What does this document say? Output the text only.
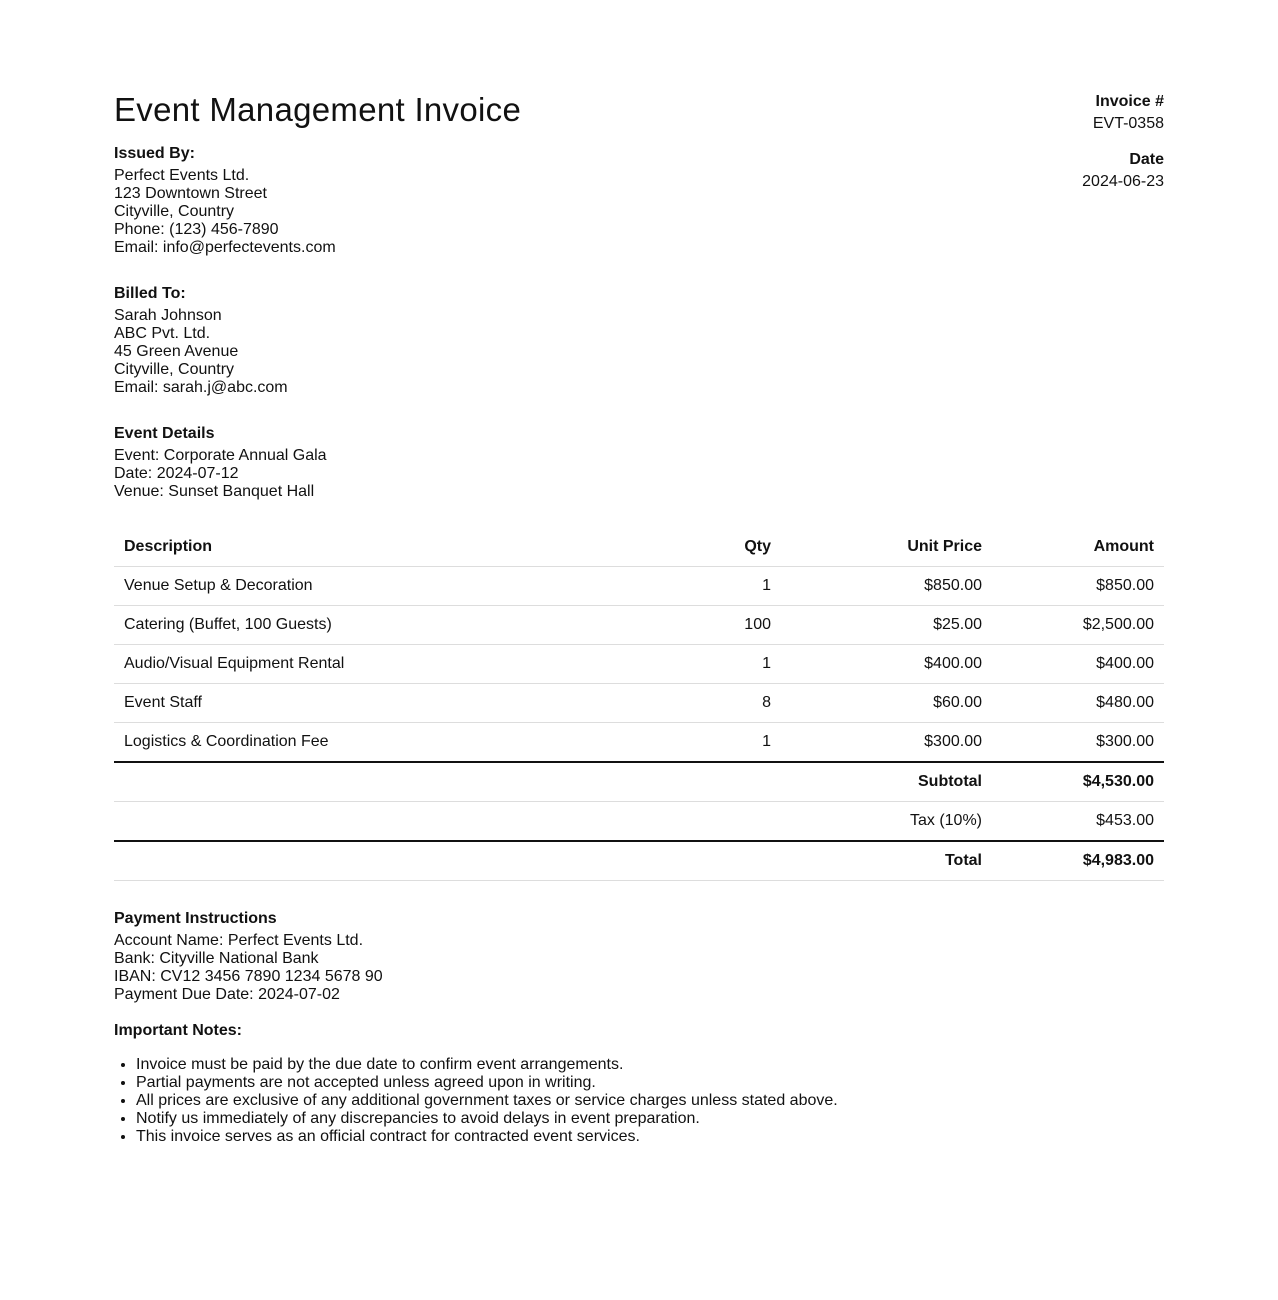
Event Management Invoice	Invoice #
EVT-0358
Date
2024-06-23
Issued By:
Perfect Events Ltd.
123 Downtown Street
Cityville, Country
Phone: (123) 456-7890
Email: info@perfectevents.com
Billed To:
Sarah Johnson
ABC Pvt. Ltd.
45 Green Avenue
Cityville, Country
Email: sarah.j@abc.com
Event Details
Event: Corporate Annual Gala
Date: 2024-07-12
Venue: Sunset Banquet Hall
Description	Qty	Unit Price	Amount
Venue Setup & Decoration	1	$850.00	$850.00
Catering (Buffet, 100 Guests)	100	$25.00	$2,500.00
Audio/Visual Equipment Rental	1	$400.00	$400.00
Event Staff	8	$60.00	$480.00
Logistics & Coordination Fee	1	$300.00	$300.00
		Subtotal	$4,530.00
		Tax (10%)	$453.00
		Total	$4,983.00
Payment Instructions
Account Name: Perfect Events Ltd.
Bank: Cityville National Bank
IBAN: CV12 3456 7890 1234 5678 90
Payment Due Date: 2024-07-02
Important Notes:
• Invoice must be paid by the due date to confirm event arrangements.
• Partial payments are not accepted unless agreed upon in writing.
• All prices are exclusive of any additional government taxes or service charges unless stated above.
• Notify us immediately of any discrepancies to avoid delays in event preparation.
• This invoice serves as an official contract for contracted event services.
